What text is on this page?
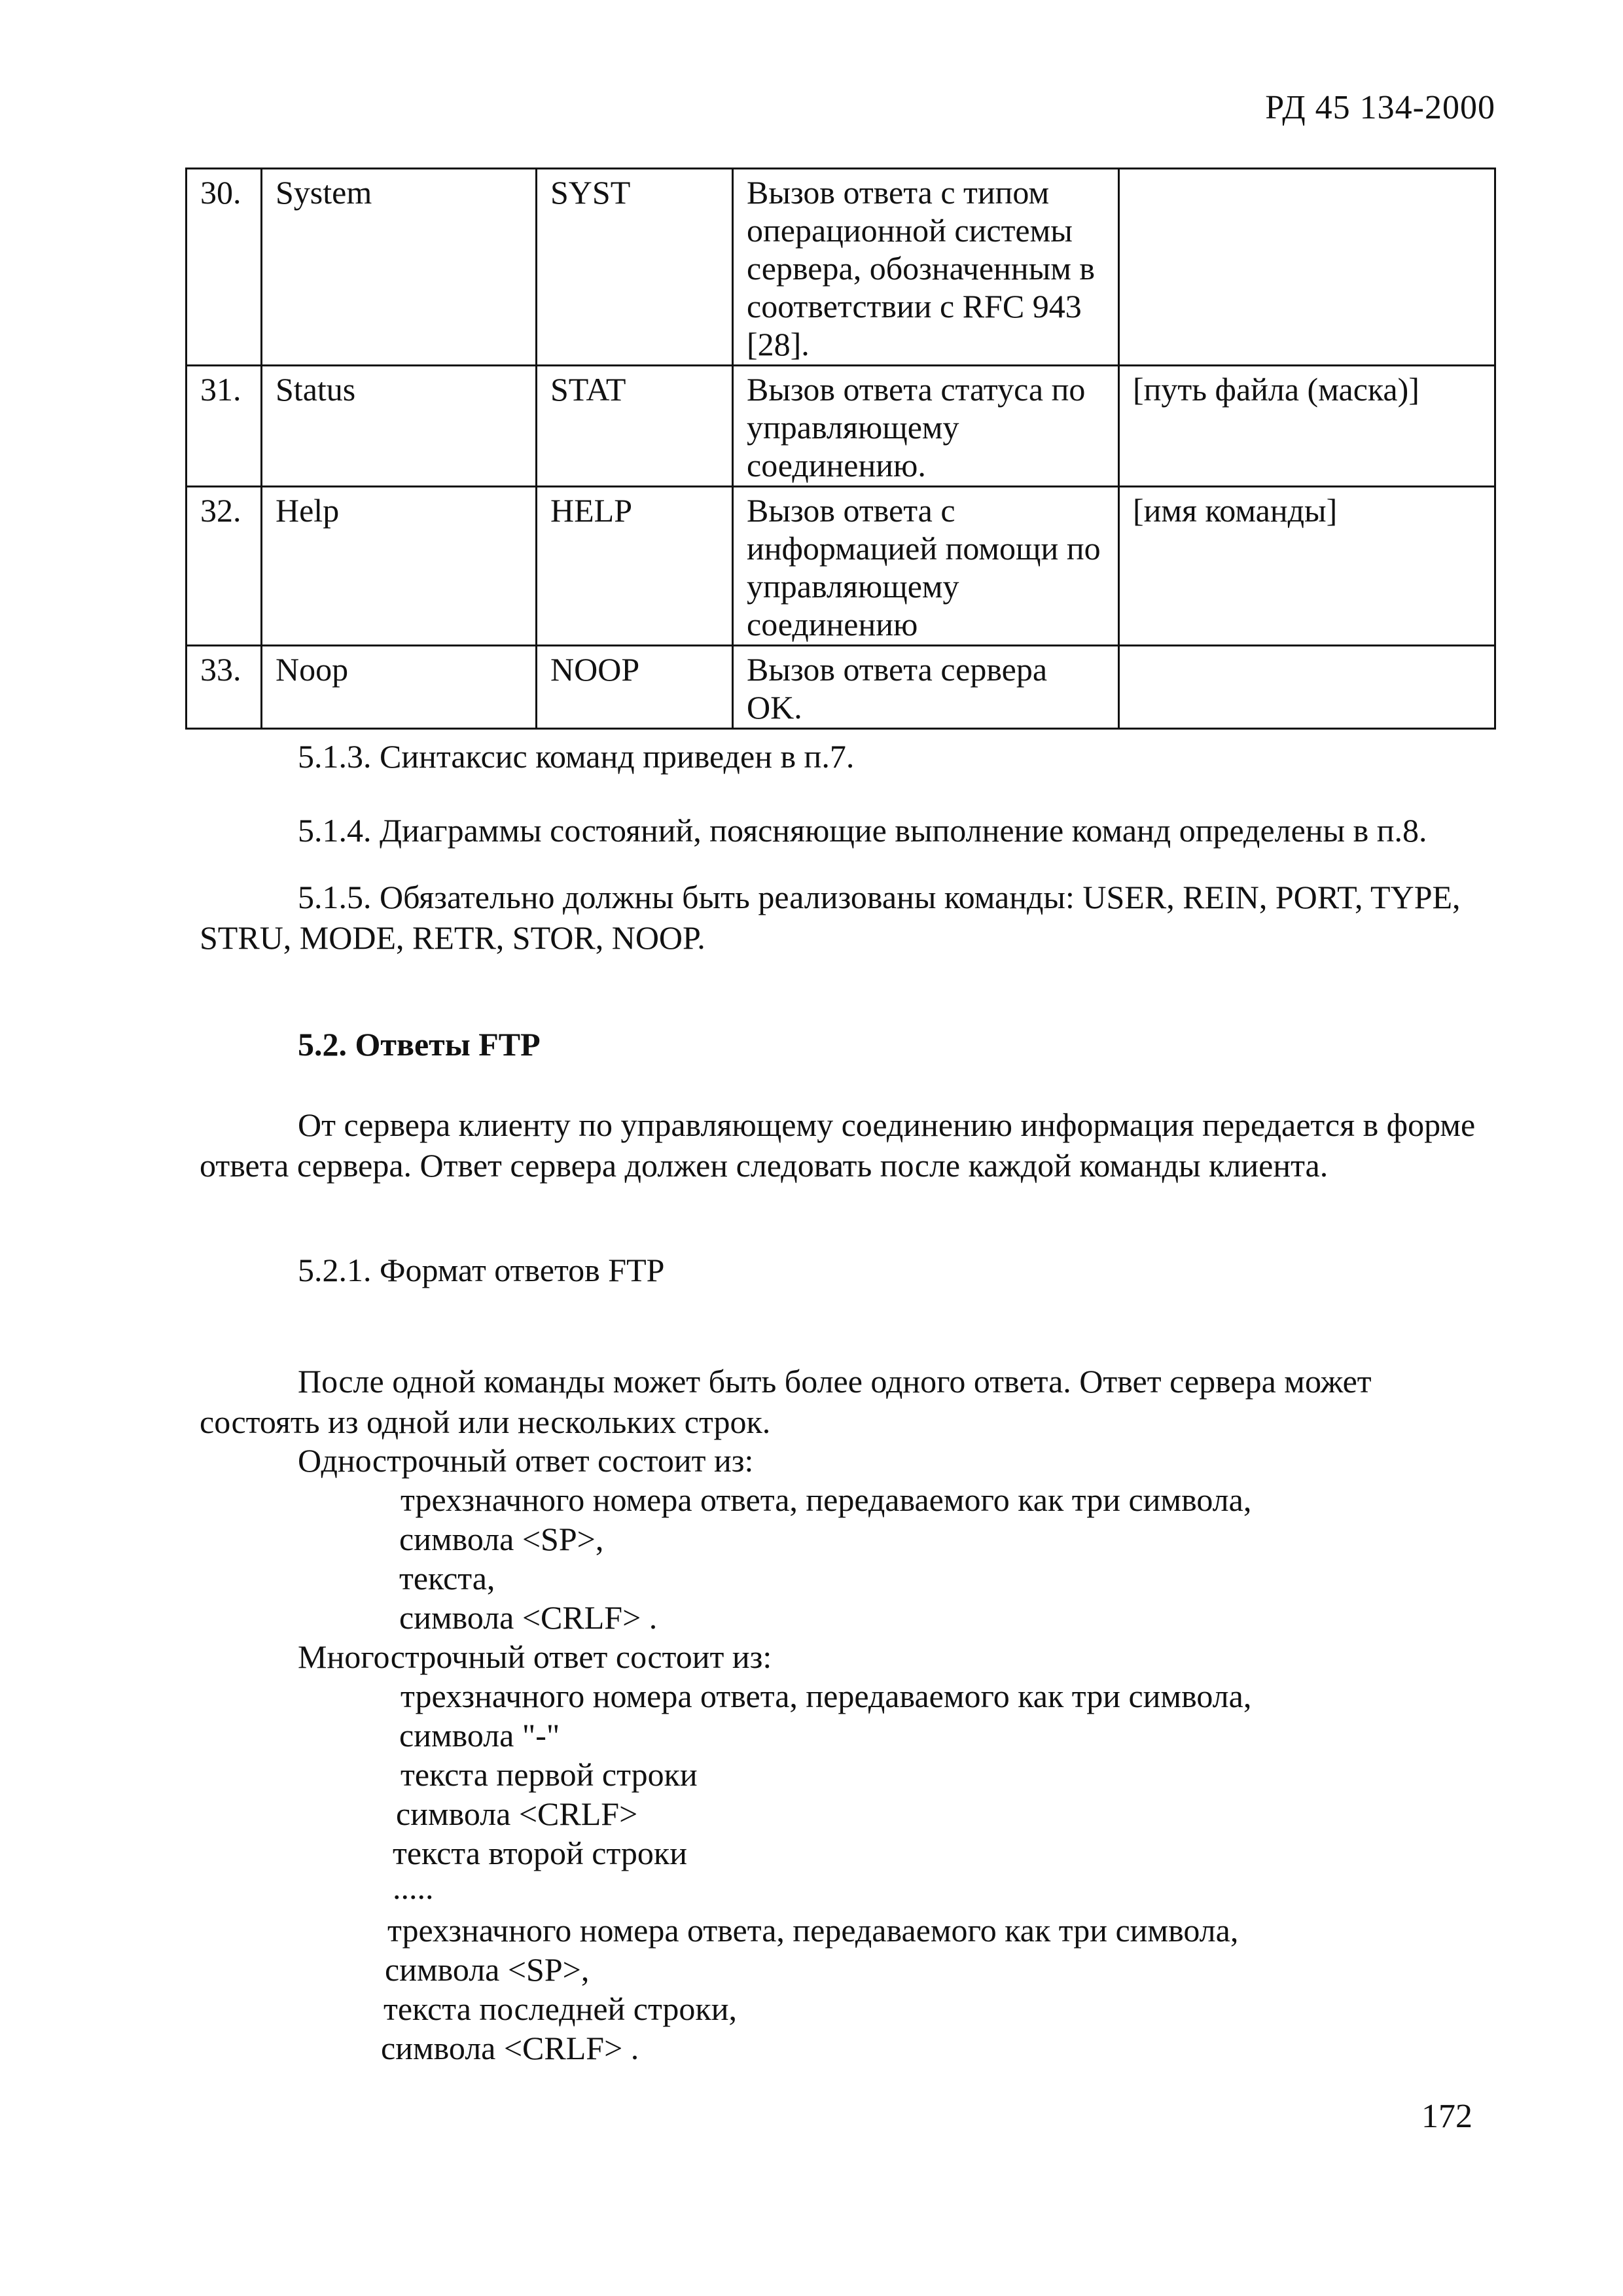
РД 45 134-2000
30.	System	SYST	Вызов ответа с типом операционной системы сервера, обозначенным в соответствии с RFC 943 [28].	
31.	Status	STAT	Вызов ответа статуса по управляющему соединению.	[путь файла (маска)]
32.	Help	HELP	Вызов ответа с информацией помощи по управляющему соединению	[имя команды]
33.	Noop	NOOP	Вызов ответа сервера OK.	

5.1.3. Синтаксис команд приведен в п.7.

5.1.4. Диаграммы состояний, поясняющие выполнение команд определены в п.8.

5.1.5. Обязательно должны быть реализованы команды: USER, REIN, PORT, TYPE, STRU, MODE, RETR, STOR, NOOP.

5.2. Ответы FTP

От сервера клиенту по управляющему соединению информация передается в форме ответа сервера. Ответ сервера должен следовать после каждой команды клиента.

5.2.1. Формат ответов FTP

После одной команды может быть более одного ответа. Ответ сервера может состоять из одной или нескольких строк.

Однострочный ответ состоит из:
трехзначного номера ответа, передаваемого как три символа,
символа <SP>,
текста,
символа <CRLF> .
Многострочный ответ состоит из:
трехзначного номера ответа, передаваемого как три символа,
символа "-"
текста первой строки
символа <CRLF>
текста второй строки
.....
трехзначного номера ответа, передаваемого как три символа,
символа <SP>,
текста последней строки,
символа <CRLF> .
172
